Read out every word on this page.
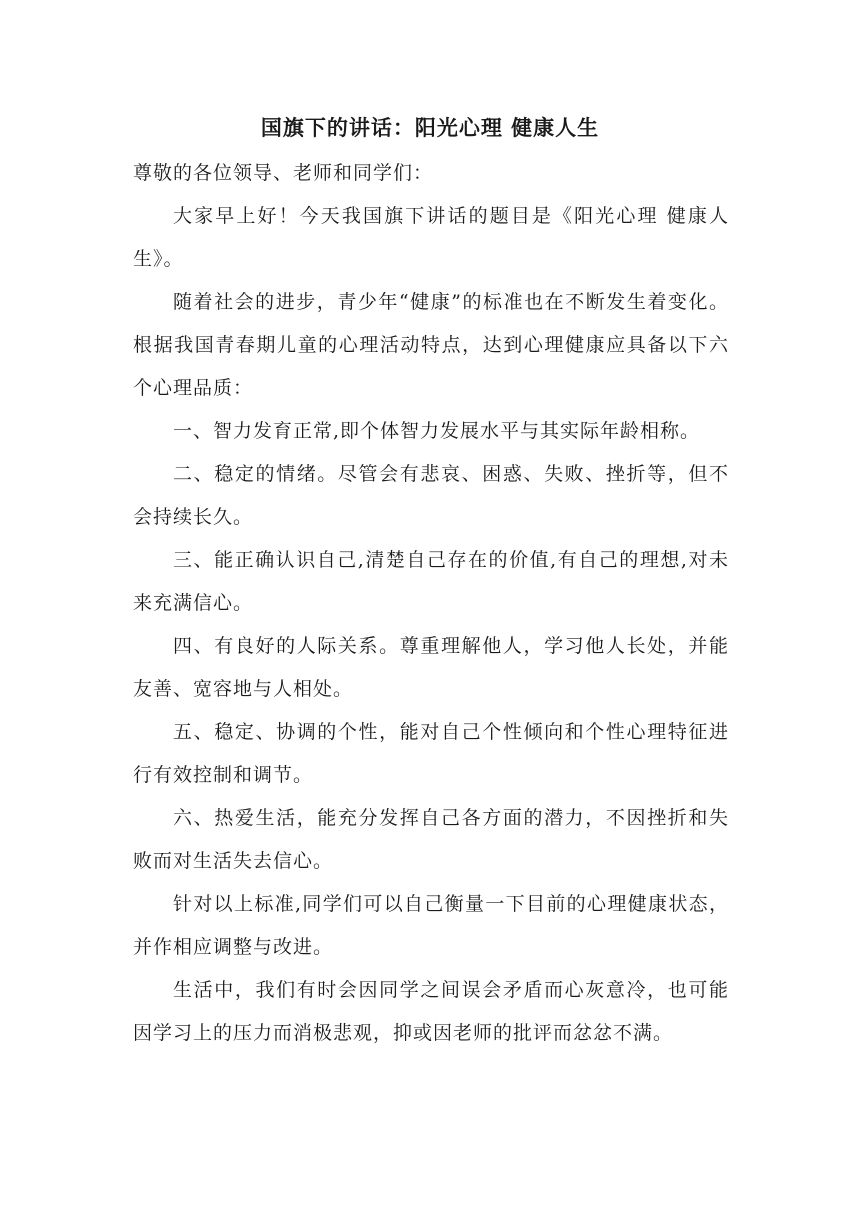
国旗下的讲话：阳光心理 健康人生

尊敬的各位领导、老师和同学们：

大家早上好！今天我国旗下讲话的题目是《阳光心理 健康人生》。

随着社会的进步，青少年“健康”的标准也在不断发生着变化。根据我国青春期儿童的心理活动特点，达到心理健康应具备以下六个心理品质：

一、智力发育正常,即个体智力发展水平与其实际年龄相称。

二、稳定的情绪。尽管会有悲哀、困惑、失败、挫折等，但不会持续长久。

三、能正确认识自己,清楚自己存在的价值,有自己的理想,对未来充满信心。

四、有良好的人际关系。尊重理解他人，学习他人长处，并能友善、宽容地与人相处。

五、稳定、协调的个性，能对自己个性倾向和个性心理特征进行有效控制和调节。

六、热爱生活，能充分发挥自己各方面的潜力，不因挫折和失败而对生活失去信心。

针对以上标准,同学们可以自己衡量一下目前的心理健康状态，并作相应调整与改进。

生活中，我们有时会因同学之间误会矛盾而心灰意冷，也可能因学习上的压力而消极悲观，抑或因老师的批评而忿忿不满。
